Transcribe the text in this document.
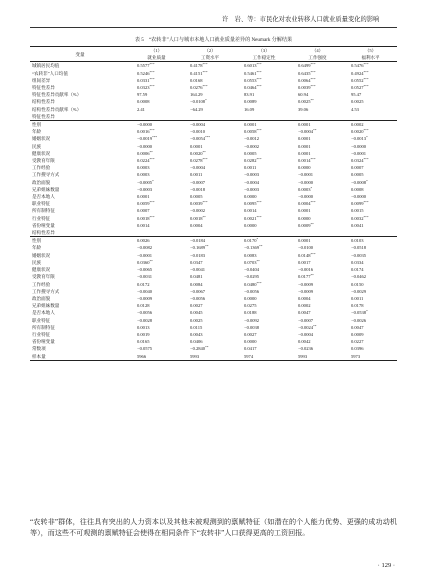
许　岩、等：市民化对农业转移人口就业质量变化的影响
表 5　“农转非”人口与城市本地人口就业质量差异的 Neumark 分解结果
变量	（1）	（2）	（3）	（4）	（5）
	就业质量	工资水平	工作稳定性	工作强度	福利水平
城镇居民均值	0.5577***	0.4178***	0.6013***	0.6499***	0.5476***
“农转非”人口均值	0.5246***	0.4151***	0.5461***	0.6435***	0.4924***
组间差异	0.0331***	0.0168	0.0553***	0.0064***	0.0552***
特征性差异	0.0323***	0.0276***	0.0464***	0.0039***	0.0527***
特征性差异贡献率（%）	97.59	164.29	83.91	60.94	95.47
结构性差异	0.0008	−0.0108*	0.0089	0.0025**	0.0025
结构性差异贡献率（%）	2.41	−64.29	16.09	39.06	4.53
特征性差异					
性别	−0.0000	−0.0004	0.0001	0.0001	0.0002
年龄	0.0016***	−0.0010	0.0058***	−0.0004**	0.0020***
婚姻状况	−0.0019***	−0.0054***	−0.0012	0.0001	−0.0013*
民族	−0.0000	0.0001	−0.0002	0.0001	−0.0000
健康状况	0.0006**	0.0020**	0.0005	0.0001	−0.0001
受教育年限	0.0224***	0.0278***	0.0282***	0.0014***	0.0324***
工作经验	0.0003	−0.0004	0.0011	0.0000	0.0007
工作搜寻方式	0.0003	0.0011	−0.0003	−0.0001	0.0005
政治面貌	−0.0005*	−0.0007	−0.0004	−0.0000	−0.0008*
兄弟姐妹数量	−0.0003	−0.0018	−0.0003	0.0003*	0.0008
是否本地人	0.0001	0.0005	0.0000	−0.0000	−0.0000
职业特征	0.0059***	0.0039***	0.0095***	0.0004***	0.0099***
所有制特征	0.0007	−0.0002	0.0014	0.0001	0.0015
行业特征	0.0018***	0.0018**	0.0021***	0.0000	0.0032***
省份哑变量	0.0014	0.0004	0.0000	0.0009**	0.0041
结构性差异					
性别	0.0026	−0.0184	0.0170*	0.0001	0.0103
年龄	−0.0082	−0.1689**	−0.1369**	−0.0100	−0.0518
婚姻状况	−0.0001	−0.0183	0.0083	0.0148***	−0.0035
民族	0.0360**	0.0347	0.0703**	0.0017	0.0334
健康状况	−0.0065	−0.0041	−0.0404	−0.0016	0.0174
受教育年限	−0.0031	0.0481	−0.0295	0.0177**	−0.0462
工作经验	0.0172	0.0084	0.0480***	−0.0009	0.0150
工作搜寻方式	−0.0040	−0.0067	−0.0056	−0.0009	−0.0029
政治面貌	−0.0009	−0.0056	0.0000	0.0004	0.0011
兄弟姐妹数量	0.0128	0.0027	0.0275	0.0002	0.0178
是否本地人	−0.0056	0.0045	0.0188	0.0047	−0.0538*
职业特征	−0.0028	0.0025	−0.0092	−0.0007	−0.0026
所有制特征	0.0013	0.0115	−0.0038	−0.0024**	0.0047
行业特征	0.0019	0.0043	0.0027	−0.0004	0.0009
省份哑变量	0.0165	0.0406	0.0000	0.0042	0.0227
常数项	−0.0575	−0.2840**	0.0417	−0.0236	0.0396
样本量	5966	5993	5974	5993	5973
“农转非”群体，往往具有突出的人力资本以及其他未被观测到的禀赋特征（如潜在的个人能力优势、更强的成功动机等），而这些不可观测的禀赋特征会使得在相同条件下“农转非”人口获得更高的工资回报。
· 129 ·
